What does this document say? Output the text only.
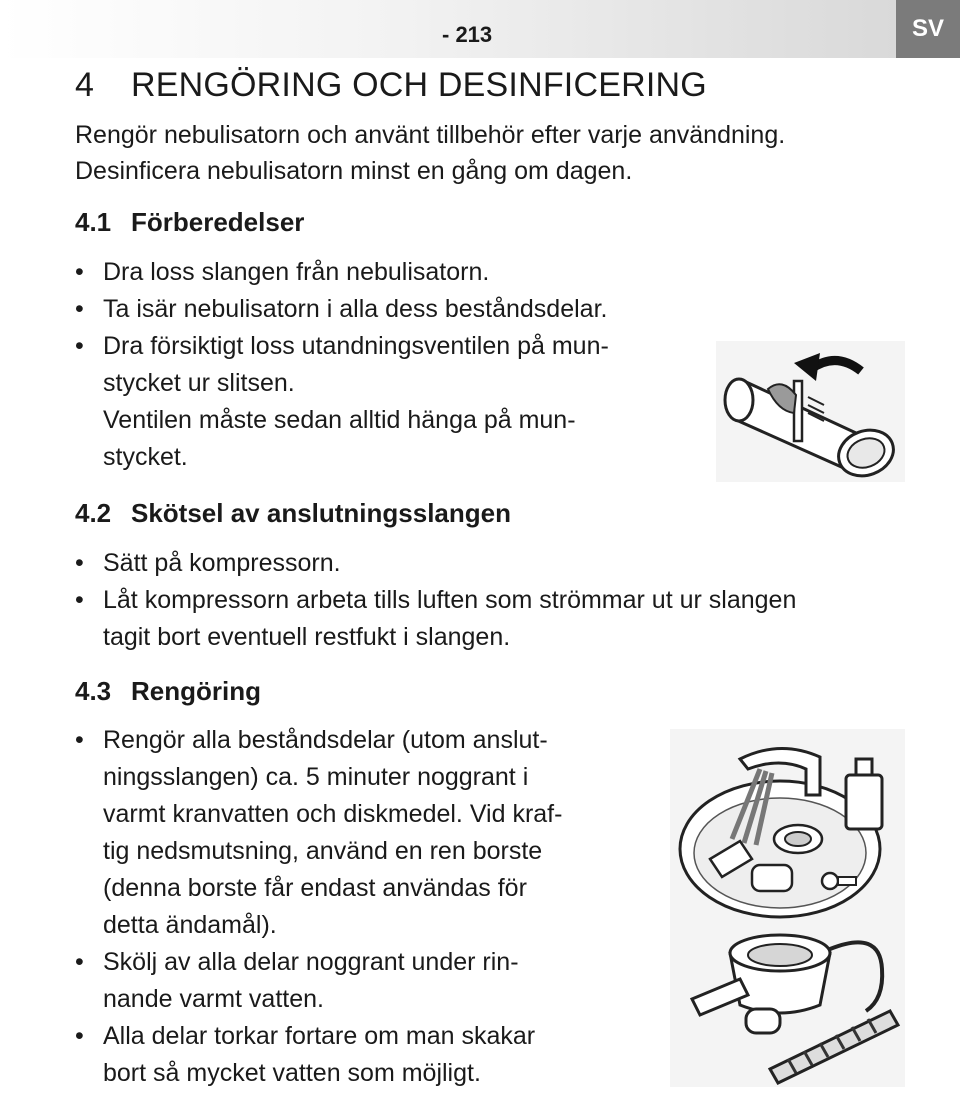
- 213	SV
4 RENGÖRING OCH DESINFICERING

Rengör nebulisatorn och använt tillbehör efter varje användning.

Desinficera nebulisatorn minst en gång om dagen.

4.1 Förberedelser
• Dra loss slangen från nebulisatorn.
• Ta isär nebulisatorn i alla dess beståndsdelar.
• Dra försiktigt loss utandningsventilen på mun-
stycket ur slitsen.
Ventilen måste sedan alltid hänga på mun-
stycket.
4.2 Skötsel av anslutningsslangen
• Sätt på kompressorn.
• Låt kompressorn arbeta tills luften som strömmar ut ur slangen
tagit bort eventuell restfukt i slangen.
4.3 Rengöring
• Rengör alla beståndsdelar (utom anslut-
ningsslangen) ca. 5 minuter noggrant i
varmt kranvatten och diskmedel. Vid kraf-
tig nedsmutsning, använd en ren borste
(denna borste får endast användas för
detta ändamål).
• Skölj av alla delar noggrant under rin-
nande varmt vatten.
• Alla delar torkar fortare om man skakar
bort så mycket vatten som möjligt.
